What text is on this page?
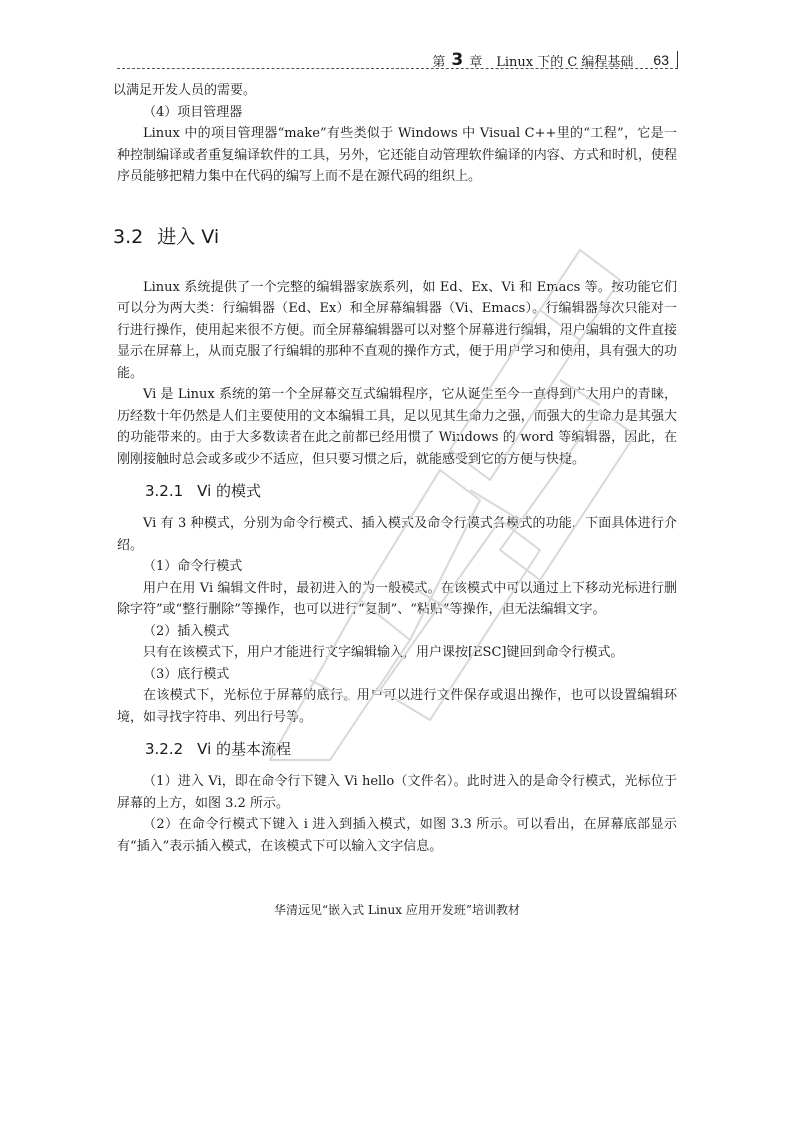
第 3 章 Linux 下的 C 编程基础 63

以满足开发人员的需要。

（4）项目管理器

Linux 中的项目管理器“make”有些类似于 Windows 中 Visual C++里的“工程”，它是一种控制编译或者重复编译软件的工具，另外，它还能自动管理软件编译的内容、方式和时机，使程序员能够把精力集中在代码的编写上而不是在源代码的组织上。

3.2 进入 Vi

Linux 系统提供了一个完整的编辑器家族系列，如 Ed、Ex、Vi 和 Emacs 等。按功能它们可以分为两大类：行编辑器（Ed、Ex）和全屏幕编辑器（Vi、Emacs）。行编辑器每次只能对一行进行操作，使用起来很不方便。而全屏幕编辑器可以对整个屏幕进行编辑，用户编辑的文件直接显示在屏幕上，从而克服了行编辑的那种不直观的操作方式，便于用户学习和使用，具有强大的功能。

Vi 是 Linux 系统的第一个全屏幕交互式编辑程序，它从诞生至今一直得到广大用户的青睐，历经数十年仍然是人们主要使用的文本编辑工具，足以见其生命力之强，而强大的生命力是其强大的功能带来的。由于大多数读者在此之前都已经用惯了 Windows 的 word 等编辑器，因此，在刚刚接触时总会或多或少不适应，但只要习惯之后，就能感受到它的方便与快捷。

3.2.1 Vi 的模式

Vi 有 3 种模式，分别为命令行模式、插入模式及命令行模式各模式的功能，下面具体进行介绍。

（1）命令行模式

用户在用 Vi 编辑文件时，最初进入的为一般模式。在该模式中可以通过上下移动光标进行删除字符”或“整行删除”等操作，也可以进行“复制”、“粘贴”等操作，但无法编辑文字。

（2）插入模式

只有在该模式下，用户才能进行文字编辑输入，用户课按[ESC]键回到命令行模式。

（3）底行模式

在该模式下，光标位于屏幕的底行。用户可以进行文件保存或退出操作，也可以设置编辑环境，如寻找字符串、列出行号等。

3.2.2 Vi 的基本流程

（1）进入 Vi，即在命令行下键入 Vi hello（文件名）。此时进入的是命令行模式，光标位于屏幕的上方，如图 3.2 所示。

（2）在命令行模式下键入 i 进入到插入模式，如图 3.3 所示。可以看出，在屏幕底部显示有“插入”表示插入模式，在该模式下可以输入文字信息。

华清远见“嵌入式 Linux 应用开发班”培训教材
